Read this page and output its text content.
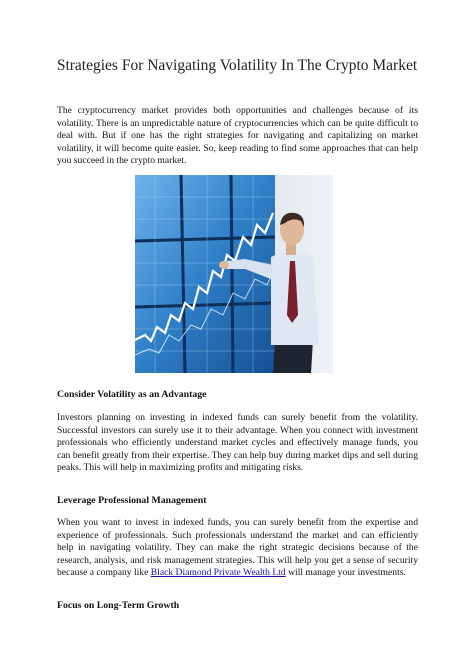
Strategies For Navigating Volatility In The Crypto Market

The cryptocurrency market provides both opportunities and challenges because of its volatility. There is an unpredictable nature of cryptocurrencies which can be quite difficult to deal with. But if one has the right strategies for navigating and capitalizing on market volatility, it will become quite easier. So, keep reading to find some approaches that can help you succeed in the crypto market.

Consider Volatility as an Advantage

Investors planning on investing in indexed funds can surely benefit from the volatility. Successful investors can surely use it to their advantage. When you connect with investment professionals who efficiently understand market cycles and effectively manage funds, you can benefit greatly from their expertise. They can help buy during market dips and sell during peaks. This will help in maximizing profits and mitigating risks.

Leverage Professional Management

When you want to invest in indexed funds, you can surely benefit from the expertise and experience of professionals. Such professionals understand the market and can efficiently help in navigating volatility. They can make the right strategic decisions because of the research, analysis, and risk management strategies. This will help you get a sense of security because a company like Black Diamond Private Wealth Ltd will manage your investments.

Focus on Long-Term Growth
